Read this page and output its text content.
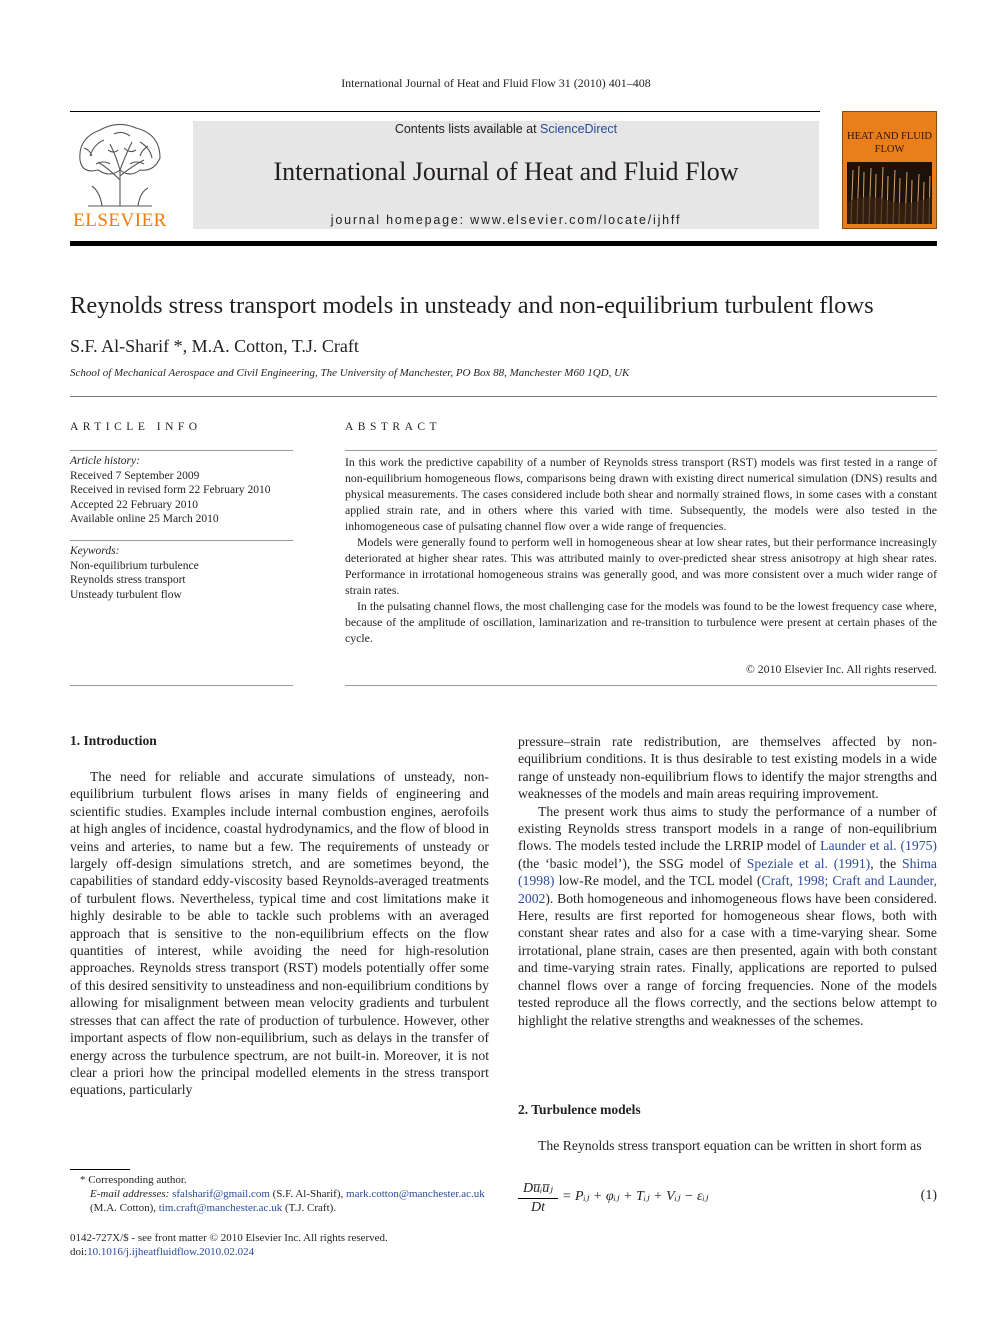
International Journal of Heat and Fluid Flow 31 (2010) 401–408
ELSEVIER
Contents lists available at ScienceDirect
International Journal of Heat and Fluid Flow
journal homepage: www.elsevier.com/locate/ijhff
HEAT AND FLUID FLOW
Reynolds stress transport models in unsteady and non-equilibrium turbulent flows
S.F. Al-Sharif *, M.A. Cotton, T.J. Craft
School of Mechanical Aerospace and Civil Engineering, The University of Manchester, PO Box 88, Manchester M60 1QD, UK
ARTICLE INFO	ABSTRACT
Article history:
Received 7 September 2009
Received in revised form 22 February 2010
Accepted 22 February 2010
Available online 25 March 2010
Keywords:
Non-equilibrium turbulence
Reynolds stress transport
Unsteady turbulent flow

In this work the predictive capability of a number of Reynolds stress transport (RST) models was first tested in a range of non-equilibrium homogeneous flows, comparisons being drawn with existing direct numerical simulation (DNS) results and physical measurements. The cases considered include both shear and normally strained flows, in some cases with a constant applied strain rate, and in others where this varied with time. Subsequently, the models were also tested in the inhomogeneous case of pulsating channel flow over a wide range of frequencies.

Models were generally found to perform well in homogeneous shear at low shear rates, but their performance increasingly deteriorated at higher shear rates. This was attributed mainly to over-predicted shear stress anisotropy at high shear rates. Performance in irrotational homogeneous strains was generally good, and was more consistent over a much wider range of strain rates.

In the pulsating channel flows, the most challenging case for the models was found to be the lowest frequency case where, because of the amplitude of oscillation, laminarization and re-transition to turbulence were present at certain phases of the cycle.

© 2010 Elsevier Inc. All rights reserved.
1. Introduction

The need for reliable and accurate simulations of unsteady, non-equilibrium turbulent flows arises in many fields of engineering and scientific studies. Examples include internal combustion engines, aerofoils at high angles of incidence, coastal hydrodynamics, and the flow of blood in veins and arteries, to name but a few. The requirements of unsteady or largely off-design simulations stretch, and are sometimes beyond, the capabilities of standard eddy-viscosity based Reynolds-averaged treatments of turbulent flows. Nevertheless, typical time and cost limitations make it highly desirable to be able to tackle such problems with an averaged approach that is sensitive to the non-equilibrium effects on the flow quantities of interest, while avoiding the need for high-resolution approaches. Reynolds stress transport (RST) models potentially offer some of this desired sensitivity to unsteadiness and non-equilibrium conditions by allowing for misalignment between mean velocity gradients and turbulent stresses that can affect the rate of production of turbulence. However, other important aspects of flow non-equilibrium, such as delays in the transfer of energy across the turbulence spectrum, are not built-in. Moreover, it is not clear a priori how the principal modelled elements in the stress transport equations, particularly

pressure–strain rate redistribution, are themselves affected by non-equilibrium conditions. It is thus desirable to test existing models in a wide range of unsteady non-equilibrium flows to identify the major strengths and weaknesses of the models and main areas requiring improvement.

The present work thus aims to study the performance of a number of existing Reynolds stress transport models in a range of non-equilibrium flows. The models tested include the LRRIP model of Launder et al. (1975) (the ‘basic model’), the SSG model of Speziale et al. (1991), the Shima (1998) low-Re model, and the TCL model (Craft, 1998; Craft and Launder, 2002). Both homogeneous and inhomogeneous flows have been considered. Here, results are first reported for homogeneous shear flows, both with constant shear rates and also for a case with a time-varying shear. Some irrotational, plane strain, cases are then presented, again with both constant and time-varying strain rates. Finally, applications are reported to pulsed channel flows over a range of forcing frequencies. None of the models tested reproduce all the flows correctly, and the sections below attempt to highlight the relative strengths and weaknesses of the schemes.

2. Turbulence models

The Reynolds stress transport equation can be written in short form as

$\frac{\text{Du̅ᵢu̅ⱼ}}{Dt}$ = Pᵢⱼ + φᵢⱼ + Tᵢⱼ + Vᵢⱼ − εᵢⱼ	(1)
* Corresponding author.
E-mail addresses: sfalsharif@gmail.com (S.F. Al-Sharif), mark.cotton@manchester.ac.uk (M.A. Cotton), tim.craft@manchester.ac.uk (T.J. Craft).
0142-727X/$ - see front matter © 2010 Elsevier Inc. All rights reserved.
doi:10.1016/j.ijheatfluidflow.2010.02.024
